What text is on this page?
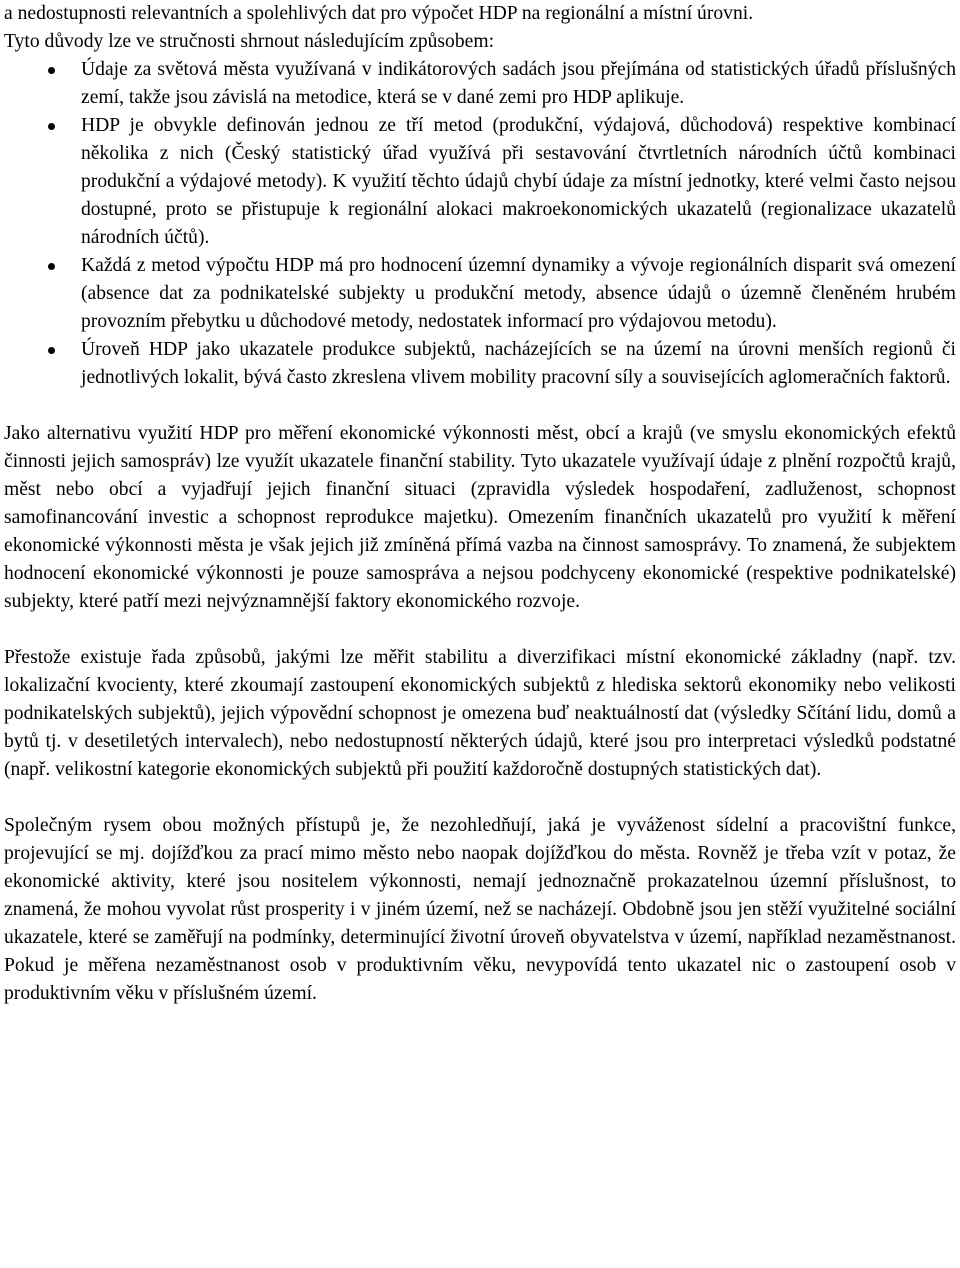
a nedostupnosti relevantních a spolehlivých dat pro výpočet HDP na regionální a místní úrovni.

Tyto důvody lze ve stručnosti shrnout následujícím způsobem:

Údaje za světová města využívaná v indikátorových sadách jsou přejímána od statistických úřadů příslušných zemí, takže jsou závislá na metodice, která se v dané zemi pro HDP aplikuje.
HDP je obvykle definován jednou ze tří metod (produkční, výdajová, důchodová) respektive kombinací několika z nich (Český statistický úřad využívá při sestavování čtvrtletních národních účtů kombinaci produkční a výdajové metody). K využití těchto údajů chybí údaje za místní jednotky, které velmi často nejsou dostupné, proto se přistupuje k regionální alokaci makroekonomických ukazatelů (regionalizace ukazatelů národních účtů).
Každá z metod výpočtu HDP má pro hodnocení územní dynamiky a vývoje regionálních disparit svá omezení (absence dat za podnikatelské subjekty u produkční metody, absence údajů o územně členěném hrubém provozním přebytku u důchodové metody, nedostatek informací pro výdajovou metodu).
Úroveň HDP jako ukazatele produkce subjektů, nacházejících se na území na úrovni menších regionů či jednotlivých lokalit, bývá často zkreslena vlivem mobility pracovní síly a souvisejících aglomeračních faktorů.

Jako alternativu využití HDP pro měření ekonomické výkonnosti měst, obcí a krajů (ve smyslu ekonomických efektů činnosti jejich samospráv) lze využít ukazatele finanční stability. Tyto ukazatele využívají údaje z plnění rozpočtů krajů, měst nebo obcí a vyjadřují jejich finanční situaci (zpravidla výsledek hospodaření, zadluženost, schopnost samofinancování investic a schopnost reprodukce majetku). Omezením finančních ukazatelů pro využití k měření ekonomické výkonnosti města je však jejich již zmíněná přímá vazba na činnost samosprávy. To znamená, že subjektem hodnocení ekonomické výkonnosti je pouze samospráva a nejsou podchyceny ekonomické (respektive podnikatelské) subjekty, které patří mezi nejvýznamnější faktory ekonomického rozvoje.

Přestože existuje řada způsobů, jakými lze měřit stabilitu a diverzifikaci místní ekonomické základny (např. tzv. lokalizační kvocienty, které zkoumají zastoupení ekonomických subjektů z hlediska sektorů ekonomiky nebo velikosti podnikatelských subjektů), jejich výpovědní schopnost je omezena buď neaktuálností dat (výsledky Sčítání lidu, domů a bytů tj. v desetiletých intervalech), nebo nedostupností některých údajů, které jsou pro interpretaci výsledků podstatné (např. velikostní kategorie ekonomických subjektů při použití každoročně dostupných statistických dat).

Společným rysem obou možných přístupů je, že nezohledňují, jaká je vyváženost sídelní a pracovištní funkce, projevující se mj. dojížďkou za prací mimo město nebo naopak dojížďkou do města. Rovněž je třeba vzít v potaz, že ekonomické aktivity, které jsou nositelem výkonnosti, nemají jednoznačně prokazatelnou územní příslušnost, to znamená, že mohou vyvolat růst prosperity i v jiném území, než se nacházejí. Obdobně jsou jen stěží využitelné sociální ukazatele, které se zaměřují na podmínky, determinující životní úroveň obyvatelstva v území, například nezaměstnanost. Pokud je měřena nezaměstnanost osob v produktivním věku, nevypovídá tento ukazatel nic o zastoupení osob v produktivním věku v příslušném území.
